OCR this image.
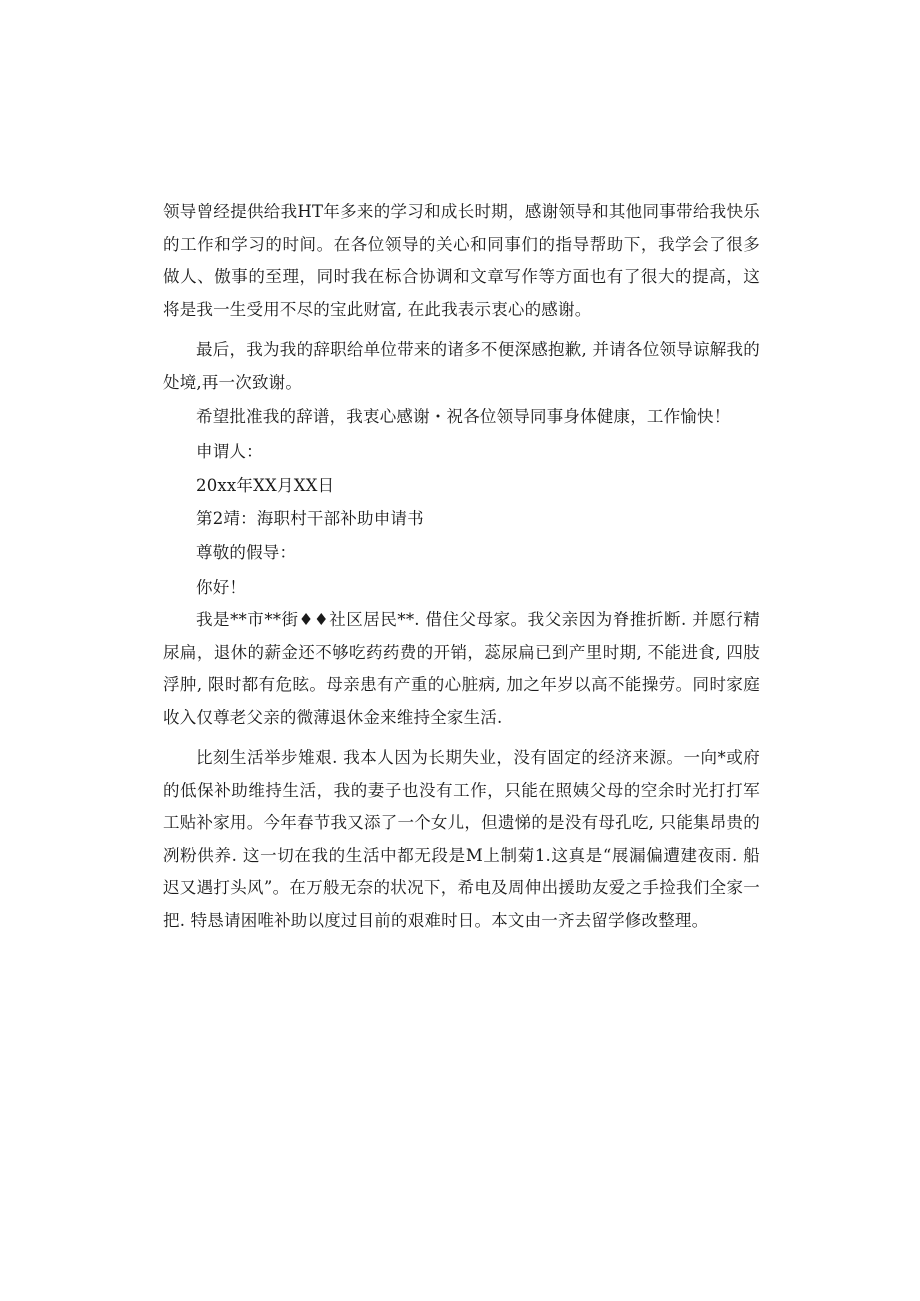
领导曾经提供给我HT年多来的学习和成长时期，感谢领导和其他同事带给我快乐的工作和学习的时间。在各位领导的关心和同事们的指导帮助下，我学会了很多做人、傲事的至理，同时我在标合协调和文章写作等方面也有了很大的提高，这将是我一生受用不尽的宝此财富, 在此我表示衷心的感谢。

最后，我为我的辞职给单位带来的诸多不便深感抱歉, 并请各位领导谅解我的处境,再一次致谢。

希望批准我的辞谱，我衷心感谢・祝各位领导同事身体健康，工作愉快！

申谓人：

20xx年XX月XX日

第2靖：海职村干部补助申请书

尊敬的假导：

你好！

我是**市**街♦♦社区居民**. 借住父母家。我父亲因为脊推折断. 并愿行精尿扁，退休的薪金还不够吃药药费的开销，蕊尿扁已到产里时期, 不能进食, 四肢浮肿, 限时都有危眩。母亲患有产重的心脏病, 加之年岁以高不能操劳。同时家庭收入仅尊老父亲的微薄退休金来维持全家生活.

比刻生活举步雉艰. 我本人因为长期失业，没有固定的经济来源。一向*或府的低保补助维持生活，我的妻子也没有工作，只能在照姨父母的空余时光打打军工贴补家用。今年春节我又添了一个女儿，但遗悌的是没有母孔吃, 只能集昂贵的冽粉供养. 这一切在我的生活中都无段是M上制菊1.这真是“展漏偏遭建夜雨. 船迟又遇打头风”。在万般无奈的状况下，希电及周伸出援助友爱之手捡我们全家一把. 特恳请困唯补助以度过目前的艰难时日。本文由一齐去留学修改整理。
